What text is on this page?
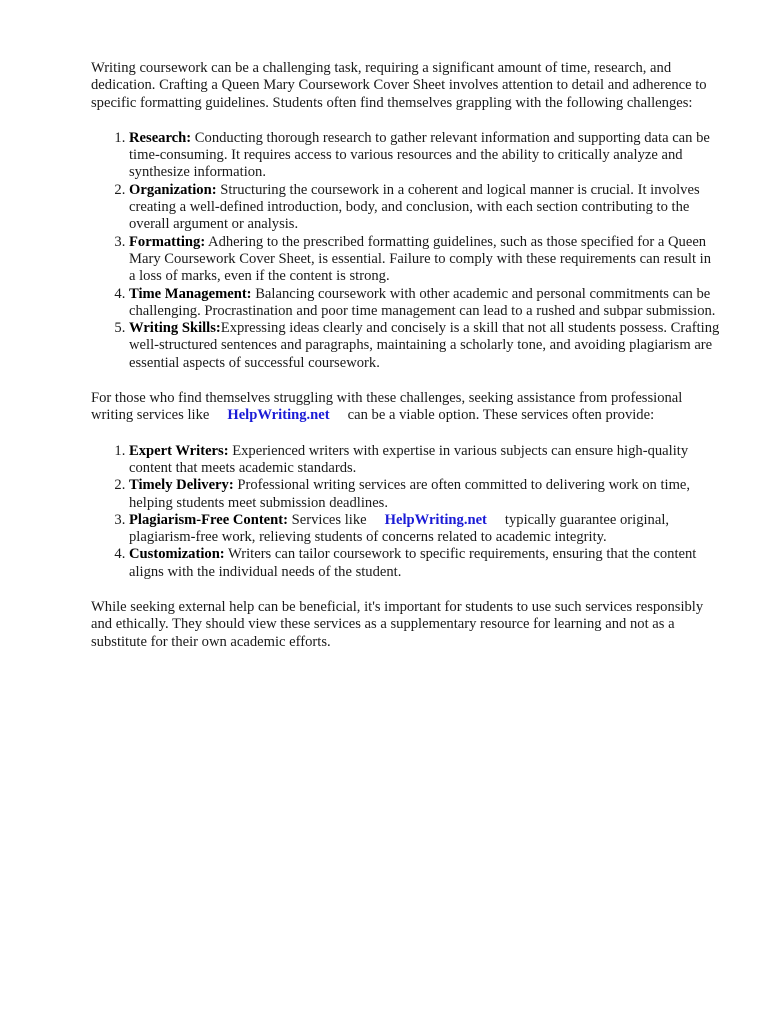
Writing coursework can be a challenging task, requiring a significant amount of time, research, and dedication. Crafting a Queen Mary Coursework Cover Sheet involves attention to detail and adherence to specific formatting guidelines. Students often find themselves grappling with the following challenges:

1. Research: Conducting thorough research to gather relevant information and supporting data can be time-consuming. It requires access to various resources and the ability to critically analyze and synthesize information.
2. Organization: Structuring the coursework in a coherent and logical manner is crucial. It involves creating a well-defined introduction, body, and conclusion, with each section contributing to the overall argument or analysis.
3. Formatting: Adhering to the prescribed formatting guidelines, such as those specified for a Queen Mary Coursework Cover Sheet, is essential. Failure to comply with these requirements can result in a loss of marks, even if the content is strong.
4. Time Management: Balancing coursework with other academic and personal commitments can be challenging. Procrastination and poor time management can lead to a rushed and subpar submission.
5. Writing Skills:Expressing ideas clearly and concisely is a skill that not all students possess. Crafting well-structured sentences and paragraphs, maintaining a scholarly tone, and avoiding plagiarism are essential aspects of successful coursework.

For those who find themselves struggling with these challenges, seeking assistance from professional writing services like HelpWriting.net can be a viable option. These services often provide:

1. Expert Writers: Experienced writers with expertise in various subjects can ensure high-quality content that meets academic standards.
2. Timely Delivery: Professional writing services are often committed to delivering work on time, helping students meet submission deadlines.
3. Plagiarism-Free Content: Services like HelpWriting.net typically guarantee original, plagiarism-free work, relieving students of concerns related to academic integrity.
4. Customization: Writers can tailor coursework to specific requirements, ensuring that the content aligns with the individual needs of the student.

While seeking external help can be beneficial, it's important for students to use such services responsibly and ethically. They should view these services as a supplementary resource for learning and not as a substitute for their own academic efforts.
